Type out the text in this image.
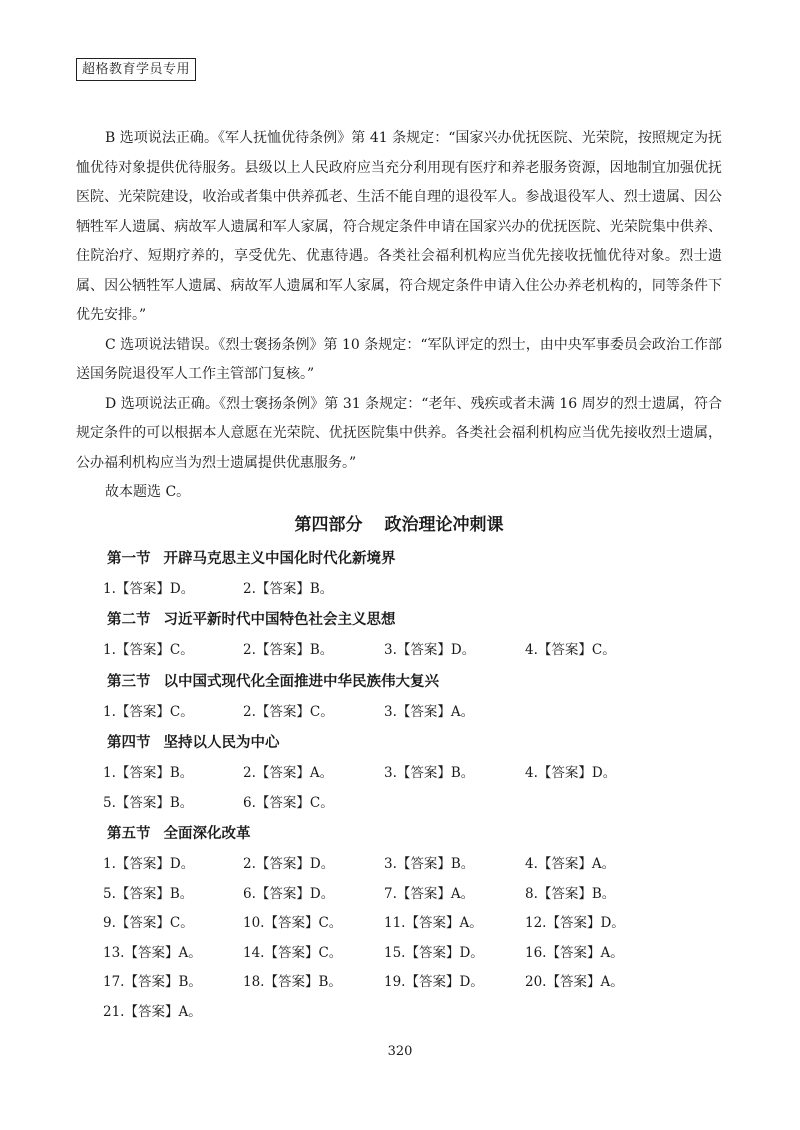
超格教育学员专用

B 选项说法正确。《军人抚恤优待条例》第 41 条规定：“国家兴办优抚医院、光荣院，按照规定为抚恤优待对象提供优待服务。县级以上人民政府应当充分利用现有医疗和养老服务资源，因地制宜加强优抚医院、光荣院建设，收治或者集中供养孤老、生活不能自理的退役军人。参战退役军人、烈士遗属、因公牺牲军人遗属、病故军人遗属和军人家属，符合规定条件申请在国家兴办的优抚医院、光荣院集中供养、住院治疗、短期疗养的，享受优先、优惠待遇。各类社会福利机构应当优先接收抚恤优待对象。烈士遗属、因公牺牲军人遗属、病故军人遗属和军人家属，符合规定条件申请入住公办养老机构的，同等条件下优先安排。”

C 选项说法错误。《烈士褒扬条例》第 10 条规定：“军队评定的烈士，由中央军事委员会政治工作部送国务院退役军人工作主管部门复核。”

D 选项说法正确。《烈士褒扬条例》第 31 条规定：“老年、残疾或者未满 16 周岁的烈士遗属，符合规定条件的可以根据本人意愿在光荣院、优抚医院集中供养。各类社会福利机构应当优先接收烈士遗属，公办福利机构应当为烈士遗属提供优惠服务。”

故本题选 C。

第四部分 政治理论冲刺课
第一节 开辟马克思主义中国化时代化新境界
1.【答案】D。	2.【答案】B。
第二节 习近平新时代中国特色社会主义思想
1.【答案】C。	2.【答案】B。	3.【答案】D。	4.【答案】C。
第三节 以中国式现代化全面推进中华民族伟大复兴
1.【答案】C。	2.【答案】C。	3.【答案】A。
第四节 坚持以人民为中心
1.【答案】B。	2.【答案】A。	3.【答案】B。	4.【答案】D。
5.【答案】B。	6.【答案】C。
第五节 全面深化改革
1.【答案】D。	2.【答案】D。	3.【答案】B。	4.【答案】A。
5.【答案】B。	6.【答案】D。	7.【答案】A。	8.【答案】B。
9.【答案】C。	10.【答案】C。	11.【答案】A。	12.【答案】D。
13.【答案】A。	14.【答案】C。	15.【答案】D。	16.【答案】A。
17.【答案】B。	18.【答案】B。	19.【答案】D。	20.【答案】A。
21.【答案】A。
320
